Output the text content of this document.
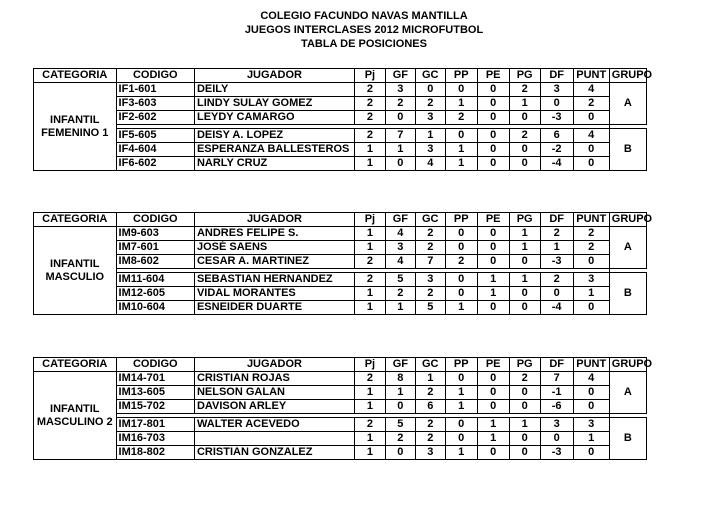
COLEGIO FACUNDO NAVAS MANTILLA
JUEGOS INTERCLASES 2012 MICROFUTBOL
TABLA DE POSICIONES
CATEGORIA	CODIGO	JUGADOR	Pj	GF	GC	PP	PE	PG	DF	PUNT	GRUPO

INFANTIL
FEMENINO 1	IF1-601	DEILY	2	3	0	0	0	2	3	4	A
	IF3-603	LINDY SULAY GOMEZ	2	2	2	1	0	1	0	2	
	IF2-602	LEYDY CAMARGO	2	0	3	2	0	0	-3	0	

	IF5-605	DEISY A. LOPEZ	2	7	1	0	0	2	6	4	B
	IF4-604	ESPERANZA BALLESTEROS	1	1	3	1	0	0	-2	0	
	IF6-602	NARLY CRUZ	1	0	4	1	0	0	-4	0	
CATEGORIA	CODIGO	JUGADOR	Pj	GF	GC	PP	PE	PG	DF	PUNT	GRUPO

INFANTIL
MASCULIO	IM9-603	ANDRES FELIPE S.	1	4	2	0	0	1	2	2	A
	IM7-601	JOSÉ SAENS	1	3	2	0	0	1	1	2	
	IM8-602	CESAR A. MARTINEZ	2	4	7	2	0	0	-3	0	

	IM11-604	SEBASTIAN HERNANDEZ	2	5	3	0	1	1	2	3	B
	IM12-605	VIDAL MORANTES	1	2	2	0	1	0	0	1	
	IM10-604	ESNEIDER DUARTE	1	1	5	1	0	0	-4	0	
CATEGORIA	CODIGO	JUGADOR	Pj	GF	GC	PP	PE	PG	DF	PUNT	GRUPO

INFANTIL
MASCULINO 2	IM14-701	CRISTIAN ROJAS	2	8	1	0	0	2	7	4	A
	IM13-605	NELSON GALAN	1	1	2	1	0	0	-1	0	
	IM15-702	DAVISON ARLEY	1	0	6	1	0	0	-6	0	

	IM17-801	WALTER ACEVEDO	2	5	2	0	1	1	3	3	B
	IM16-703		1	2	2	0	1	0	0	1	
	IM18-802	CRISTIAN GONZALEZ	1	0	3	1	0	0	-3	0	
